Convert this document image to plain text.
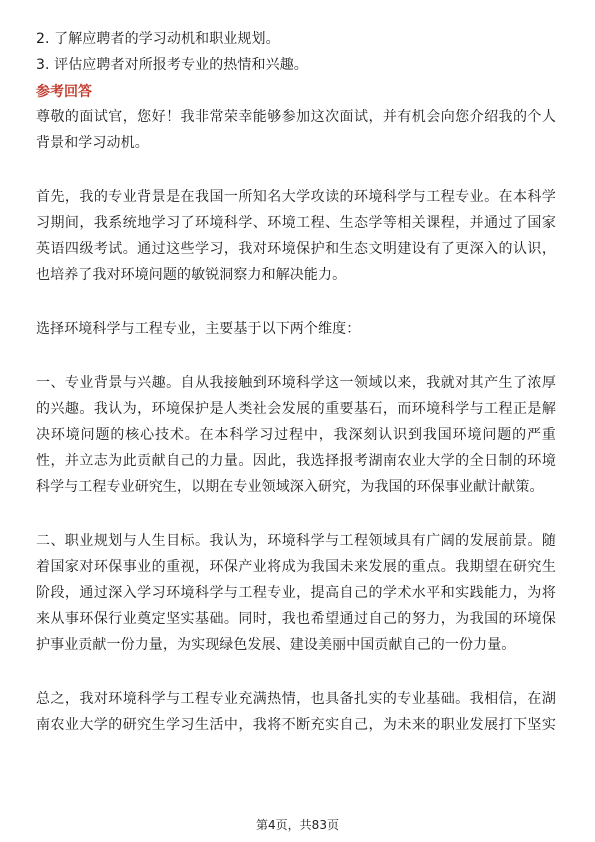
2. 了解应聘者的学习动机和职业规划。
3. 评估应聘者对所报考专业的热情和兴趣。
参考回答
尊敬的面试官，您好！我非常荣幸能够参加这次面试，并有机会向您介绍我的个人
背景和学习动机。
首先，我的专业背景是在我国一所知名大学攻读的环境科学与工程专业。在本科学
习期间，我系统地学习了环境科学、环境工程、生态学等相关课程，并通过了国家
英语四级考试。通过这些学习，我对环境保护和生态文明建设有了更深入的认识，
也培养了我对环境问题的敏锐洞察力和解决能力。
选择环境科学与工程专业，主要基于以下两个维度：
一、专业背景与兴趣。自从我接触到环境科学这一领域以来，我就对其产生了浓厚
的兴趣。我认为，环境保护是人类社会发展的重要基石，而环境科学与工程正是解
决环境问题的核心技术。在本科学习过程中，我深刻认识到我国环境问题的严重
性，并立志为此贡献自己的力量。因此，我选择报考湖南农业大学的全日制的环境
科学与工程专业研究生，以期在专业领域深入研究，为我国的环保事业献计献策。
二、职业规划与人生目标。我认为，环境科学与工程领域具有广阔的发展前景。随
着国家对环保事业的重视，环保产业将成为我国未来发展的重点。我期望在研究生
阶段，通过深入学习环境科学与工程专业，提高自己的学术水平和实践能力，为将
来从事环保行业奠定坚实基础。同时，我也希望通过自己的努力，为我国的环境保
护事业贡献一份力量，为实现绿色发展、建设美丽中国贡献自己的一份力量。
总之，我对环境科学与工程专业充满热情，也具备扎实的专业基础。我相信，在湖
南农业大学的研究生学习生活中，我将不断充实自己，为未来的职业发展打下坚实
第4页，共83页
